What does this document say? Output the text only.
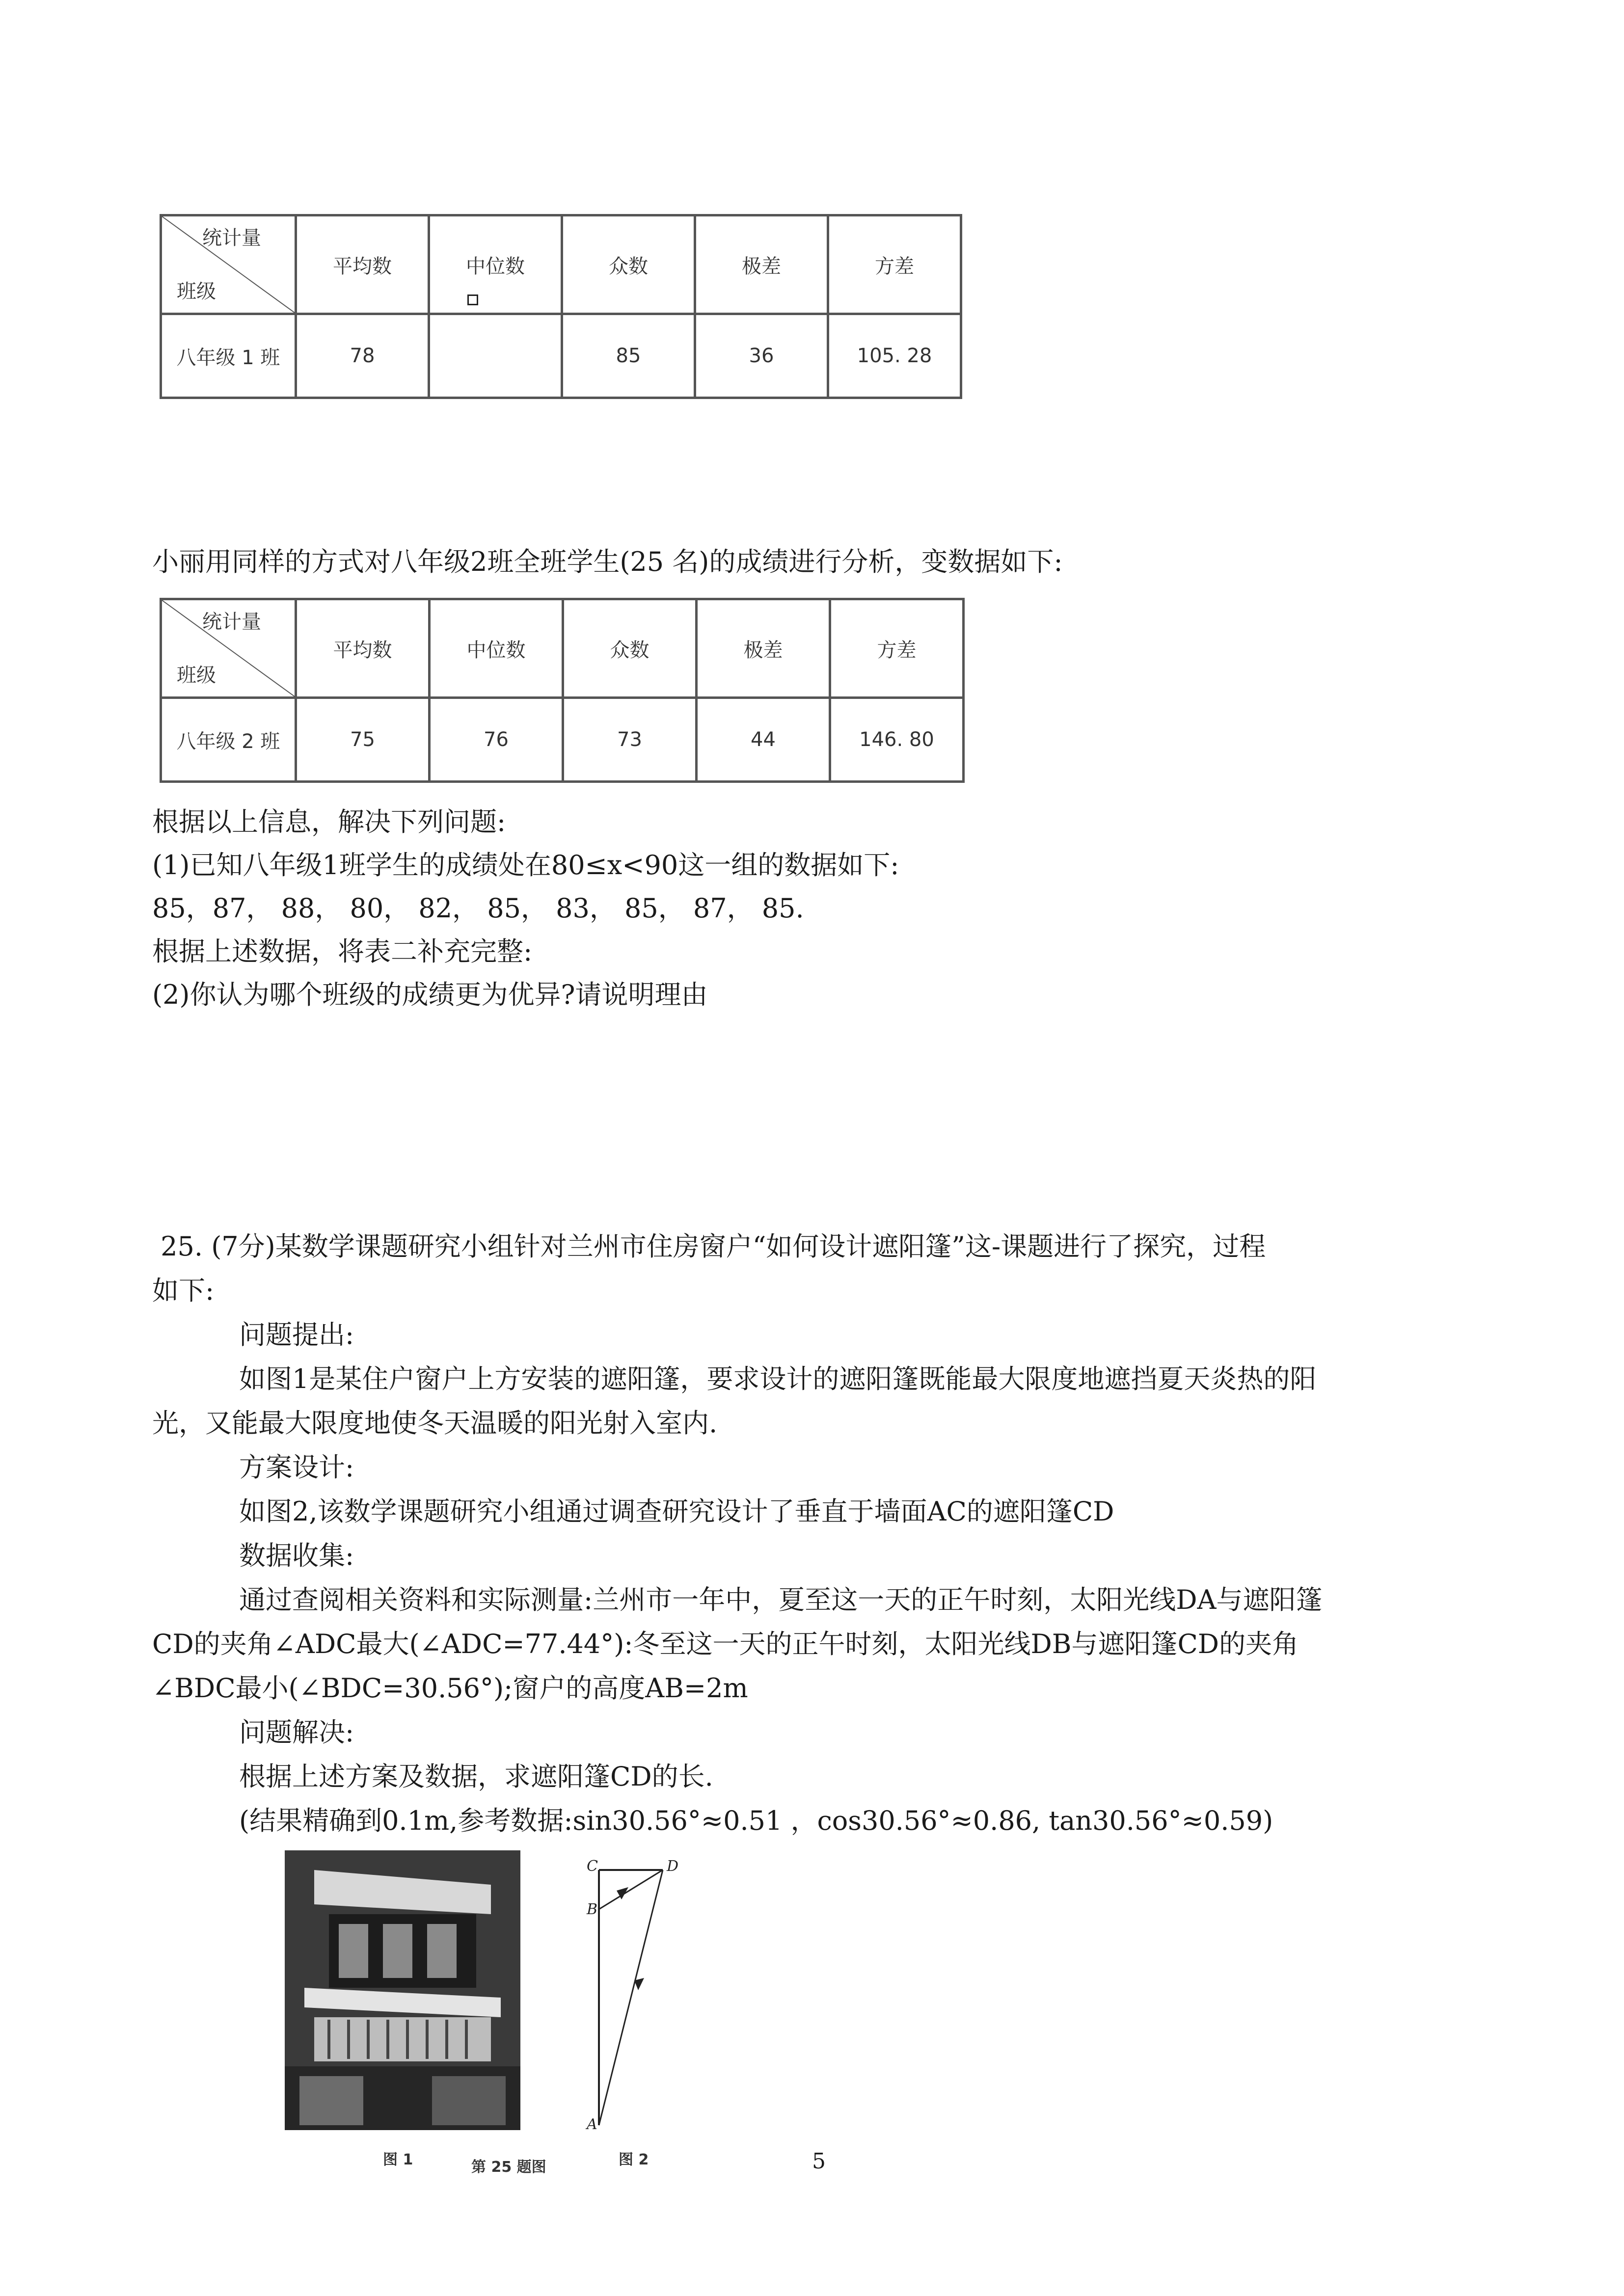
统计量
班级	平均数	中位数	众数	极差	方差
八年级 1 班	78		85	36	105. 28
小丽用同样的方式对八年级2班全班学生(25 名)的成绩进行分析，变数据如下:
统计量
班级	平均数	中位数	众数	极差	方差
八年级 2 班	75	76	73	44	146. 80
根据以上信息，解决下列问题:
(1)已知八年级1班学生的成绩处在80≤x<90这一组的数据如下:
85，87， 88， 80， 82， 85， 83， 85， 87， 85.
根据上述数据，将表二补充完整:
(2)你认为哪个班级的成绩更为优异?请说明理由
25. (7分)某数学课题研究小组针对兰州市住房窗户“如何设计遮阳篷”这-课题进行了探究，过程
如下:
问题提出:
如图1是某住户窗户上方安装的遮阳篷，要求设计的遮阳篷既能最大限度地遮挡夏天炎热的阳
光，又能最大限度地使冬天温暖的阳光射入室内.
方案设计:
如图2,该数学课题研究小组通过调查研究设计了垂直于墙面AC的遮阳篷CD
数据收集:
通过查阅相关资料和实际测量:兰州市一年中，夏至这一天的正午时刻，太阳光线DA与遮阳篷
CD的夹角∠ADC最大(∠ADC=77.44°):冬至这一天的正午时刻，太阳光线DB与遮阳篷CD的夹角
∠BDC最小(∠BDC=30.56°);窗户的高度AB=2m
问题解决:
根据上述方案及数据，求遮阳篷CD的长.
(结果精确到0.1m,参考数据:sin30.56°≈0.51 ，cos30.56°≈0.86, tan30.56°≈0.59)
图 1	第 25 题图	图 2
C	D
B
A
5
